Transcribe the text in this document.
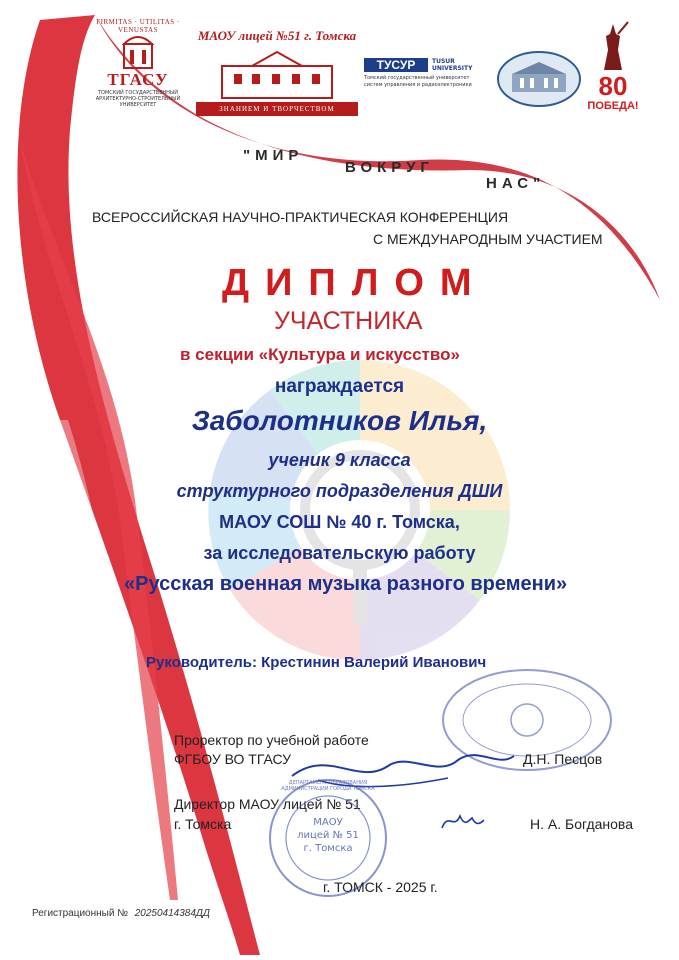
FIRMITAS · UTILITAS · VENUSTAS
ТГАСУ
ТОМСКИЙ ГОСУДАРСТВЕННЫЙ
АРХИТЕКТУРНО-СТРОИТЕЛЬНЫЙ
УНИВЕРСИТЕТ
МАОУ лицей №51 г. Томска
ЗНАНИЕМ И ТВОРЧЕСТВОМ
ТУСУР	TUSUR
UNIVERSITY
Томский государственный университет
систем управления и радиоэлектроники	80
ПОБЕДА!
"МИР
ВОКРУГ
НАС"
ВСЕРОССИЙСКАЯ НАУЧНО-ПРАКТИЧЕСКАЯ КОНФЕРЕНЦИЯ
С МЕЖДУНАРОДНЫМ УЧАСТИЕМ
ДИПЛОМ
УЧАСТНИКА
в секции «Культура и искусство»
награждается
Заболотников Илья,
ученик 9 класса
структурного подразделения ДШИ
МАОУ СОШ № 40 г. Томска,
за исследовательскую работу
«Русская военная музыка разного времени»
Руководитель: Крестинин Валерий Иванович
Проректор по учебной работе
ФГБОУ ВО ТГАСУ	Д.Н. Песцов
Директор МАОУ лицей № 51
г. Томска	Н. А. Богданова
ДЕПАРТАМЕНТ ОБРАЗОВАНИЯ АДМИНИСТРАЦИИ ГОРОДА ТОМСКА
МАОУ
лицей № 51
г. Томска
г. ТОМСК - 2025 г.
Регистрационный № 20250414384ДД
